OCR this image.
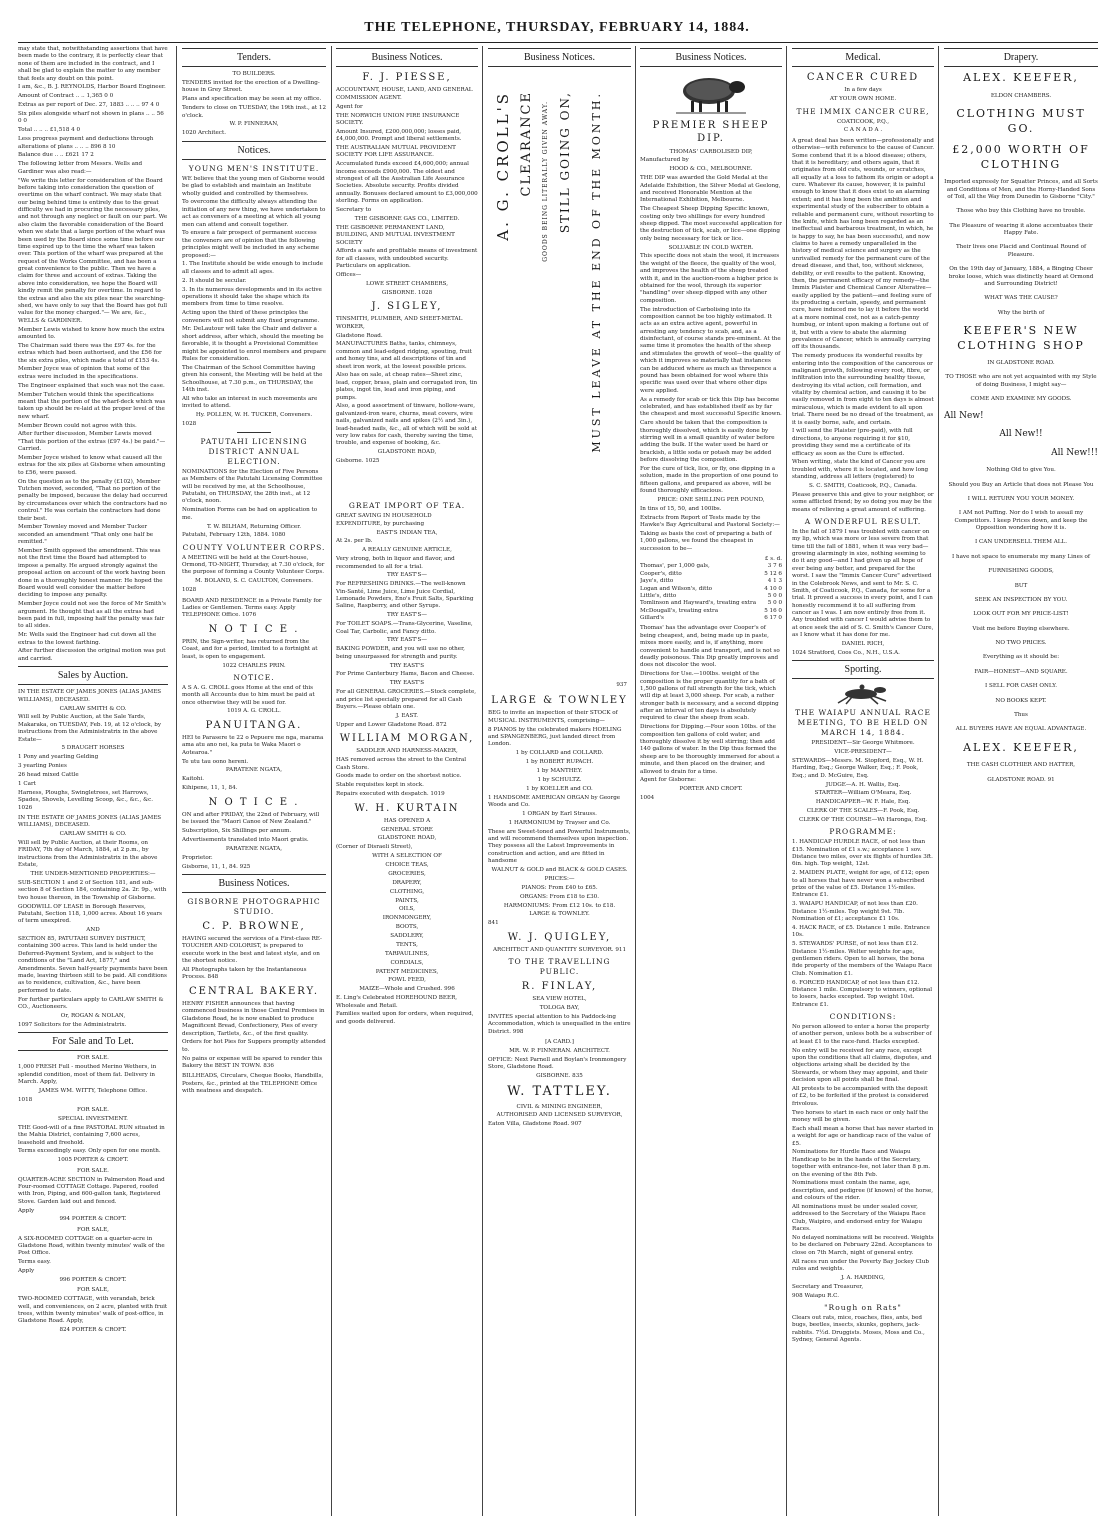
THE TELEPHONE, THURSDAY, FEBRUARY 14, 1884.

may state that, notwithstanding assertions that have been made to the contrary, it is perfectly clear that none of them are included in the contract, and I shall be glad to explain the matter to any member that feels any doubt on this point.

I am, &c., B. J. REYNOLDS, Harbor Board Engineer.

Amount of Contract .. .. 1,365 0 0

Extras as per report of Dec. 27, 1883 .. .. .. 97 4 0

Six piles alongside wharf not shown in plans .. .. 56 0 0

Total .. .. .. £1,518 4 0

Less progress payment and deductions through alterations of plans .. .. .. 896 8 10

Balance due .. .. £621 17 2

The following letter from Messrs. Wells and Gardiner was also read:—

"We write this letter for consideration of the Board before taking into consideration the question of overtime on the wharf contract. We may state that our being behind time is entirely due to the great difficulty we had in procuring the necessary piles, and not through any neglect or fault on our part. We also claim the favorable consideration of the Board when we state that a large portion of the wharf was been used by the Board since some time before our time expired up to the time the wharf was taken over. This portion of the wharf was prepared at the request of the Works Committee, and has been a great convenience to the public. Then we have a claim for three and account of extras. Taking the above into consideration, we hope the Board will kindly remit the penalty for overtime. In regard to the extras and also the six piles near the searching-shed, we have only to say that the Board has got full value for the money charged."— We are, &c., WELLS & GARDINER.

Member Lewis wished to know how much the extra amounted to.

The Chairman said there was the £97 4s. for the extras which had been authorised, and the £56 for the six extra piles, which made a total of £153 4s.

Member Joyce was of opinion that some of the extras were included in the specifications.

The Engineer explained that such was not the case.

Member Tutchen would think the specifications meant that the portion of the wharf-deck which was taken up should be re-laid at the proper level of the new wharf.

Member Brown could not agree with this.

After further discussion, Member Lewis moved "That this portion of the extras (£97 4s.) be paid."—Carried.

Member Joyce wished to know what caused all the extras for the six piles at Gisborne when amounting to £56, were passed.

On the question as to the penalty (£102), Member Tutchen moved, seconded, "That no portion of the penalty be imposed, because the delay had occurred by circumstances over which the contractors had no control." He was certain the contractors had done their best.

Member Townley moved and Member Tucker seconded an amendment "That only one half be remitted."

Member Smith opposed the amendment. This was not the first time the Board had attempted to impose a penalty. He argued strongly against the proposal action on account of the work having been done in a thoroughly honest manner. He hoped the Board would well consider the matter before deciding to impose any penalty.

Member Joyce could not see the force of Mr Smith's argument. He thought that as all the extras had been paid in full, imposing half the penalty was fair to all sides.

Mr. Wells said the Engineer had cut down all the extras to the lowest farthing.

After further discussion the original motion was put and carried.

Sales by Auction.

IN THE ESTATE OF JAMES JONES (ALIAS JAMES WILLIAMS), DECEASED.

CARLAW SMITH & CO.

Will sell by Public Auction, at the Sale Yards, Makaraka, on TUESDAY, Feb. 19, at 12 o'clock, by instructions from the Administratrix in the above Estate—

5 DRAUGHT HORSES

1 Pony and yearling Gelding

3 yearling Ponies

26 head mixed Cattle

1 Cart

Harness, Ploughs, Swingletrees, set Harrows, Spades, Shovels, Levelling Scoop, &c., &c., &c. 1026

IN THE ESTATE OF JAMES JONES (ALIAS JAMES WILLIAMS), DECEASED.

CARLAW SMITH & CO.

Will sell by Public Auction, at their Rooms, on FRIDAY, 7th day of March, 1884, at 2 p.m., by instructions from the Administratrix in the above Estate,

THE UNDER-MENTIONED PROPERTIES:—

SUB-SECTION 1 and 2 of Section 181, and sub-section 8 of Section 184, containing 2a. 2r. 9p., with two house thereon, in the Township of Gisborne.

GOODWILL OF LEASE in Borough Reserves, Patutahi, Section 118, 1,000 acres. About 16 years of term unexpired.

AND

SECTION 85, PATUTAHI SURVEY DISTRICT, containing 300 acres. This land is held under the Deferred-Payment System, and is subject to the conditions of the "Land Act, 1877," and Amendments. Seven half-yearly payments have been made, leaving thirteen still to be paid. All conditions as to residence, cultivation, &c., have been performed to date.

For further particulars apply to CARLAW SMITH & CO., Auctioneers.

Or, ROGAN & NOLAN,

1097 Solicitors for the Administratrix.

For Sale and To Let.

FOR SALE.

1,000 FRESH Full - mouthed Merino Wethers, in splendid condition, most of them fat. Delivery in March. Apply,

JAMES WM. WITTY, Telephone Office.

1018

FOR SALE.

SPECIAL INVESTMENT.

THE Good-will of a fine PASTORAL RUN situated in the Mahia District, containing 7,600 acres, leasehold and freehold.

Terms exceedingly easy. Only open for one month.

1005 PORTER & CROFT.

FOR SALE.

QUARTER-ACRE SECTION in Palmerston Road and Four-roomed COTTAGE Cottage. Papered, roofed with Iron, Piping, and 600-gallon tank, Registered Stove. Garden laid out and fenced.

Apply

994 PORTER & CROFT.

FOR SALE,

A SIX-ROOMED COTTAGE on a quarter-acre in Gladstone Road, within twenty minutes' walk of the Post Office.

Terms easy.

Apply

996 PORTER & CROFT.

FOR SALE,

TWO-ROOMED COTTAGE, with verandah, brick well, and conveniences, on 2 acre, planted with fruit trees, within twenty minutes' walk of post-office, in Gladstone Road. Apply,

824 PORTER & CROFT.

Tenders.

TO BUILDERS.

TENDERS invited for the erection of a Dwelling-house in Grey Street.

Plans and specification may be seen at my office.

Tenders to close on TUESDAY, the 19th inst., at 12 o'clock.

W. P. FINNERAN,

1020 Architect.

Notices.
YOUNG MEN'S INSTITUTE.

WE believe that the young men of Gisborne would be glad to establish and maintain an Institute wholly guided and controlled by themselves.

To overcome the difficulty always attending the initiation of any new thing, we have undertaken to act as conveners of a meeting at which all young men can attend and consult together.

To ensure a fair prospect of permanent success the conveners are of opinion that the following principles might well be included in any scheme proposed:—

1. The Institute should be wide enough to include all classes and to admit all ages.

2. It should be secular.

3. In its numerous developments and in its active operations it should take the shape which its members from time to time resolve.

Acting upon the third of these principles the conveners will not submit any fixed programme.

Mr. DeLautour will take the Chair and deliver a short address, after which, should the meeting be favorable, it is thought a Provisional Committee might be appointed to enrol members and prepare Rules for consideration.

The Chairman of the School Committee having given his consent, the Meeting will be held at the Schoolhouse, at 7.30 p.m., on THURSDAY, the 14th inst.

All who take an interest in such movements are invited to attend.

Hy. POLLEN, W. H. TUCKER, Conveners.

1028

PATUTAHI LICENSING DISTRICT ANNUAL ELECTION.

NOMINATIONS for the Election of Five Persons as Members of the Patutahi Licensing Committee will be received by me, at the Schoolhouse, Patutahi, on THURSDAY, the 28th inst., at 12 o'clock, noon.

Nomination Forms can be had on application to me.

T. W. BILHAM, Returning Officer.

Patutahi, February 12th, 1884. 1080

COUNTY VOLUNTEER CORPS.

A MEETING will be held at the Court-house, Ormond, TO-NIGHT, Thursday, at 7.30 o'clock, for the purpose of forming a County Volunteer Corps.

M. BOLAND, S. C. CAULTON, Conveners.

1028

BOARD AND RESIDENCE in a Private Family for Ladies or Gentlemen. Terms easy. Apply TELEPHONE Office. 1076

N O T I C E .

PRIN, the Sign-writer, has returned from the Coast, and for a period, limited to a fortnight at least, is open to engagement.

1022 CHARLES PRIN.

NOTICE.

A S A. G. CROLL goes Home at the end of this month all Accounts due to him must be paid at once otherwise they will be sued for.

1019 A. G. CROLL.

PANUITANGA.

HEI te Parasere te 22 o Pepuere me nga, marama ama atu ano nei, ka puta te Waka Maori o Aotearoa."

Te utu tau oono hereni.

PARATENE NGATA,

Kaitohi.

Kihipene, 11, 1, 84.

N O T I C E .

ON and after FRIDAY, the 22nd of February, will be issued the "Maori Canoe of New Zealand."

Subscription, Six Shillings per annum.

Advertisements translated into Maori gratis.

PARATENE NGATA,

Proprietor.

Gisborne, 11, 1, 84. 925

Business Notices.
GISBORNE PHOTOGRAPHIC STUDIO.
C. P. BROWNE,

HAVING secured the services of a First-class RE-TOUCHER AND COLORIST, is prepared to execute work in the best and latest style, and on the shortest notice.

All Photographs taken by the Instantaneous Process. 848

CENTRAL BAKERY.

HENRY FISHER announces that having commenced business in those Central Premises in Gladstone Road, he is now enabled to produce Magnificent Bread, Confectionery, Pies of every description, Tartlets, &c., of the first quality.

Orders for hot Pies for Suppers promptly attended to.

No pains or expense will be spared to render this Bakery the BEST IN TOWN. 836

BILLHEADS, Circulars, Cheque Books, Handbills, Posters, &c., printed at the TELEPHONE Office with neatness and despatch.

Business Notices.
F. J. PIESSE,

ACCOUNTANT, HOUSE, LAND, AND GENERAL COMMISSION AGENT.

Agent for

THE NORWICH UNION FIRE INSURANCE SOCIETY.

Amount Insured, £200,000,000; losses paid, £4,000,000. Prompt and liberal settlements.

THE AUSTRALIAN MUTUAL PROVIDENT SOCIETY FOR LIFE ASSURANCE.

Accumulated funds exceed £4,600,000; annual income exceeds £900,000. The oldest and strongest of all the Australian Life Assurance Societies. Absolute security. Profits divided annually. Bonuses declared amount to £3,000,000 sterling. Forms on application.

Secretary to

THE GISBORNE GAS CO., LIMITED.

THE GISBORNE PERMANENT LAND, BUILDING, AND MUTUAL INVESTMENT SOCIETY

Affords a safe and profitable means of investment for all classes, with undoubted security. Particulars on application.

Offices—

LOWE STREET CHAMBERS,

GISBORNE. 1028

J. SIGLEY,

TINSMITH, PLUMBER, AND SHEET-METAL WORKER,

Gladstone Road.

MANUFACTURES Baths, tanks, chimneys, common and lead-edged ridging, spouting, fruit and honey tins, and all descriptions of tin and sheet iron work, at the lowest possible prices.

Also has on sale, at cheap rates—Sheet zinc, lead, copper, brass, plain and corrugated iron, tin plates, ingot tin, lead and iron piping, and pumps.

Also, a good assortment of tinware, hollow-ware, galvanized-iron ware, churns, meat covers, wire nails, galvanized nails and spikes (2½ and 3in.), lead-headed nails, &c., all of which will be sold at very low rates for cash, thereby saving the time, trouble, and expense of booking, &c.

GLADSTONE ROAD,

Gisborne. 1025

GREAT IMPORT OF TEA.

GREAT SAVING IN HOUSEHOLD EXPENDITURE, by purchasing

EAST'S INDIAN TEA,

At 2s. per lb.

A REALLY GENUINE ARTICLE,

Very strong, both in liquor and flavor, and recommended to all for a trial.

TRY EAST'S—

For REFRESHING DRINKS.—The well-known Vin-Santé, Lime Juice, Lime Juice Cordial, Lemonade Powders, Eno's Fruit Salts, Sparkling Saline, Raspberry, and other Syrups.

TRY EAST'S—

For TOILET SOAPS.—Trans-Glycerine, Vaseline, Coal Tar, Carbolic, and Fancy ditto.

TRY EAST'S—

BAKING POWDER, and you will use no other, being unsurpassed for strength and purity.

TRY EAST'S

For Prime Canterbury Hams, Bacon and Cheese.

TRY EAST'S

For all GENERAL GROCERIES.—Stock complete, and price list specially prepared for all Cash Buyers.—Please obtain one.

J. EAST.

Upper and Lower Gladstone Road. 872

WILLIAM MORGAN,

SADDLER AND HARNESS-MAKER,

HAS removed across the street to the Central Cash Store.

Goods made to order on the shortest notice.

Stable requisites kept in stock.

Repairs executed with despatch. 1019

W. H. KURTAIN

HAS OPENED A

GENERAL STORE

GLADSTONE ROAD,

(Corner of Disraeli Street),

WITH A SELECTION OF

CHOICE TEAS,

GROCERIES,

DRAPERY,

CLOTHING,

PAINTS,

OILS,

IRONMONGERY,

BOOTS,

SADDLERY,

TENTS,

TARPAULINES,

CORDIALS,

PATENT MEDICINES,

FOWL FEED,

MAIZE—Whole and Crushed. 996

E. Ling's Celebrated HOREHOUND BEER, Wholesale and Retail.

Families waited upon for orders, when required, and goods delivered.

Business Notices.
A. G. CROLL'S CLEARANCE GOODS BEING LITERALLY GIVEN AWAY. STILL GOING ON, MUST LEAVE AT THE END OF THE MONTH.
937
LARGE & TOWNLEY

BEG to invite an inspection of their STOCK of MUSICAL INSTRUMENTS, comprising—

8 PIANOS by the celebrated makers HOELING and SPANGENBERG, just landed direct from London.

1 by COLLARD and COLLARD.

1 by ROBERT RUPACH.

1 by MANTHEY.

1 by SCHULTZ.

1 by KOELLER and CO.

1 HANDSOME AMERICAN ORGAN by George Woods and Co.

1 ORGAN by Earl Strauss.

1 HARMONIUM by Trayser and Co.

These are Sweet-toned and Powerful Instruments, and will recommend themselves upon inspection. They possess all the Latest Improvements in construction and action, and are fitted in handsome

WALNUT & GOLD and BLACK & GOLD CASES.

PRICES:—

PIANOS: From £40 to £65.

ORGANS: From £18 to £30.

HARMONIUMS: From £12 10s. to £18.

LARGE & TOWNLEY.

841

W. J. QUIGLEY,

ARCHITECT AND QUANTITY SURVEYOR. 911

TO THE TRAVELLING PUBLIC.
R. FINLAY,

SEA VIEW HOTEL,

TOLOGA BAY,

INVITES special attention to his Paddock-ing Accommodation, which is unequalled in the entire District. 998

[A CARD.]

MR. W. P. FINNERAN. ARCHITECT.

OFFICE: Next Parnell and Boylan's Ironmongery Store, Gladstone Road.

GISBORNE. 835

W. TATTLEY.

CIVIL & MINING ENGINEER,

AUTHORISED AND LICENSED SURVEYOR,

Eaton Villa, Gladstone Road. 907

Business Notices.
PREMIER SHEEP DIP.

THOMAS' CARBOLISED DIP,

Manufactured by

HOOD & CO., MELBOURNE.

THE DIP was awarded the Gold Medal at the Adelaide Exhibition, the Silver Medal at Geelong, and received Honorable Mention at the International Exhibition, Melbourne.

The Cheapest Sheep Dipping Specific known, costing only two shillings for every hundred sheep dipped. The most successful application for the destruction of tick, scab, or lice—one dipping only being necessary for tick or lice.

SOLUABLE IN COLD WATER.

This specific does not stain the wool, it increases the weight of the fleece, the quality of the wool, and improves the health of the sheep treated with it, and in the auction-room a higher price is obtained for the wool, through its superior "handling" over sheep dipped with any other composition.

The introduction of Carbolising into its composition cannot be too highly estimated. It acts as an extra active agent, powerful in arresting any tendency to scab, and, as a disinfectant, of course stands pre-eminent. At the same time it promotes the health of the sheep and stimulates the growth of wool—the quality of which it improves so materially that instances can be adduced where as much as threepence a pound has been obtained for wool where this specific was used over that where other dips were applied.

As a remedy for scab or tick this Dip has become celebrated, and has established itself as by far the cheapest and most successful Specific known.

Care should be taken that the composition is thoroughly dissolved, which is easily done by stirring well in a small quantity of water before adding the bulk. If the water used be hard or brackish, a little soda or potash may be added before dissolving the composition.

For the cure of tick, lice, or fly, one dipping in a solution, made in the proportion of one pound to fifteen gallons, and prepared as above, will be found thoroughly efficacious.

PRICE: ONE SHILLING PER POUND,

In tins of 15, 50, and 100lbs.

Extracts from Report of Tests made by the Hawke's Bay Agricultural and Pastoral Society:—

Taking as basis the cost of preparing a bath of 1,000 gallons, we found the cheapest in succession to be—

£ s. d.
Thomas', per 1,000 gals,	3 7 6
Cooper's, ditto	5 12 6
Jaye's, ditto	4 1 3
Logan and Wilson's, ditto	4 10 0
Little's, ditto	5 0 0
Tomlinson and Hayward's, treating extra 5 0 0
McDougall's, treating extra	5 16 0
Gillard's	6 17 0

Thomas' has the advantage over Cooper's of being cheapest, and, being made up in paste, mixes more easily, and is, if anything, more convenient to handle and transport, and is not so deadly poisonous. This Dip greatly improves and does not discolor the wool.

Directions for Use.—100lbs. weight of the composition is the proper quantity for a bath of 1,500 gallons of full strength for the tick, which will dip at least 3,000 sheep. For scab, a rather stronger bath is necessary, and a second dipping after an interval of ten days is absolutely required to clear the sheep from scab.

Directions for Dipping.—Four soon 10lbs. of the composition ten gallons of cold water, and thoroughly dissolve it by well stirring; then add 140 gallons of water. In the Dip thus formed the sheep are to be thoroughly immersed for about a minute, and then placed on the drainer, and allowed to drain for a time.

Agent for Gisborne:

PORTER AND CROFT.

1004

Medical.
CANCER CURED

In a few days

AT YOUR OWN HOME.

THE IMMIX CANCER CURE,

COATICOOK, P.Q.,

C A N A D A .

A great deal has been written—professionally and otherwise—with reference to the cause of Cancer. Some contend that it is a blood disease; others, that it is hereditary; and others again, that it originates from old cuts, wounds, or scratches, all equally at a loss to fathom its origin or adopt a cure. Whatever its cause, however, it is painful enough to know that it does exist to an alarming extent; and it has long been the ambition and experimental study of the subscriber to obtain a reliable and permanent cure, without resorting to the knife, which has long been regarded as an ineffectual and barbarous treatment, in which, he is happy to say, he has been successful, and now claims to have a remedy unparalleled in the history of medical science and surgery as the unrivalled remedy for the permanent cure of the dread disease, and that, too, without sickness, debility, or evil results to the patient. Knowing, then, the permanent efficacy of my remedy—the Immix Plaister and Chemical Cancer Alterative—easily applied by the patient—and feeling sure of its producing a certain, speedy, and permanent cure, have induced me to lay it before the world at a more nominal cost, not as a catch-penny humbug, or intent upon making a fortune out of it, but with a view to abate the alarming prevalence of Cancer, which is annually carrying off its thousands.

The remedy produces its wonderful results by entering into the composition of the cancerous or malignant growth, following every root, fibre, or infiltration into the surrounding healthy tissue, destroying its vital action, cell formation, and vitality by chemical action, and causing it to be easily removed in from eight to ten days is almost miraculous, which is made evident to all upon trial. There need be no dread of the treatment, as it is easily borne, safe, and certain.

I will send the Plaister (pre-paid), with full directions, to anyone requiring it for $10, providing they send me a certificate of its efficacy as soon as the Cure is effected.

When writing, state the kind of Cancer you are troubled with, where it is located, and how long standing, address all letters (registered) to

S. C. SMITH, Coaticook, P.Q., Canada.

Please preserve this and give to your neighbor, or some afflicted friend; by so doing you may be the means of relieving a great amount of suffering.

A WONDERFUL RESULT.

In the fall of 1879 I was troubled with cancer on my lip, which was more or less severe from that time till the fall of 1881, when it was very bad—growing alarmingly in size, nothing seeming to do it any good—and I had given up all hope of ever being any better, and prepared for the worst. I saw the "Immix Cancer Cure" advertised in the Colebrook News, and sent to Mr. S. C. Smith, of Coaticook, P.Q., Canada, for some for a trial. It proved a success in every point, and I can honestly recommend it to all suffering from cancer as I was. I am now entirely free from it. Any troubled with cancer I would advise them to at once seek the aid of S. C. Smith's Cancer Cure, as I know what it has done for me.

DANIEL RICH,

1024 Stratford, Coos Co., N.H., U.S.A.

Sporting.
THE WAIAPU ANNUAL RACE MEETING, TO BE HELD ON MARCH 14, 1884.

PRESIDENT—Sir George Whitmore.

VICE-PRESIDENT—

STEWARDS—Messrs. M. Stopford, Esq., W. H. Harding, Esq.; George Walker, Esq.; F. Pook, Esq.; and D. McGuire, Esq.

JUDGE—A. H. Wallis, Esq.

STARTER—William O'Meara, Esq.

HANDICAPPER—W. F. Hale, Esq.

CLERK OF THE SCALES—F. Pook, Esq.

CLERK OF THE COURSE—Wi Haronga, Esq.

PROGRAMME:

1. HANDICAP HURDLE RACE, of not less than £15. Nomination of £1 s.w.; acceptance 1 sov. Distance two miles, over six flights of hurdles 3ft. 6in. high. Top weight, 12st.

2. MAIDEN PLATE, weight for age, of £12; open to all horses that have never won a subscribed prize of the value of £5. Distance 1½-miles. Entrance £1.

3. WAIAPU HANDICAP, of not less than £20. Distance 1½-miles. Top weight 9st. 7lb. Nomination of £1; acceptance £1 10s.

4. HACK RACE, of £5. Distance 1 mile. Entrance 10s.

5. STEWARDS' PURSE, of not less than £12. Distance 1½-miles. Welter weights for age, gentlemen riders. Open to all horses, the bona fide property of the members of the Waiapu Race Club. Nomination £1.

6. FORCED HANDICAP, of not less than £12. Distance 1 mile. Compulsory to winners, optional to losers, hacks excepted. Top weight 10st. Entrance £1.

CONDITIONS:

No person allowed to enter a horse the property of another person, unless both be a subscriber of at least £1 to the race-fund. Hacks excepted.

No entry will be received for any race, except upon the conditions that all claims, disputes, and objections arising shall be decided by the Stewards, or whom they may appoint, and their decision upon all points shall be final.

All protests to be accompanied with the deposit of £2, to be forfeited if the protest is considered frivolous.

Two horses to start in each race or only half the money will be given.

Each shall mean a horse that has never started in a weight for age or handicap race of the value of £5.

Nominations for Hurdle Race and Waiapu Handicap to be in the hands of the Secretary, together with entrance-fee, not later than 8 p.m. on the evening of the 8th Feb.

Nominations must contain the name, age, description, and pedigree (if known) of the horse, and colours of the rider.

All nominations must be under sealed cover, addressed to the Secretary of the Waiapu Race Club, Waipiro, and endorsed entry for Waiapu Races.

No delayed nominations will be received. Weights to be declared on February 22nd. Acceptances to close on 7th March, night of general entry.

All races run under the Poverty Bay Jockey Club rules and weights.

J. A. HARDING,

Secretary and Treasurer,

908 Waiapu R.C.

"Rough on Rats"

Clears out rats, mice, roaches, flies, ants, bed bugs, beetles, insects, skunks, gophers, jack-rabbits. 7½d. Druggists. Moses, Moss and Co., Sydney, General Agents.

Drapery.

ALEX. KEEFER,

ELDON CHAMBERS.

CLOTHING MUST GO.

£2,000 WORTH OF CLOTHING

Imported expressly for Squatter Princes, and all Sorts and Conditions of Men, and the Horny-Handed Sons of Toil, all the Way from Dunedin to Gisborne "City."

Those who buy this Clothing have no trouble.

The Pleasure of wearing it alone accentuates their Happy Fate.

Their lives one Placid and Continual Round of Pleasure.

On the 19th day of January, 1884, a Binging Cheer broke loose, which was distinctly heard at Ormond and Surrounding District!

WHAT WAS THE CAUSE?

Why the birth of

KEEFER'S NEW CLOTHING SHOP

IN GLADSTONE ROAD.

TO THOSE who are not yet acquainted with my Style of doing Business, I might say—

COME AND EXAMINE MY GOODS.

All New!

All New!!

All New!!!

Nothing Old to give You.

Should you Buy an Article that does not Please You

I WILL RETURN YOU YOUR MONEY.

I AM not Puffing. Nor do I wish to assail my Competitors. I keep Prices down, and keep the Opposition wondering how it is.

I CAN UNDERSELL THEM ALL.

I have not space to enumerate my many Lines of

FURNISHING GOODS,

BUT

SEEK AN INSPECTION BY YOU.

LOOK OUT FOR MY PRICE-LIST!

Visit me before Buying elsewhere.

NO TWO PRICES.

Everything as it should be:

FAIR—HONEST—AND SQUARE.

I SELL FOR CASH ONLY.

NO BOOKS KEPT.

Thus

ALL BUYERS HAVE AN EQUAL ADVANTAGE.

ALEX. KEEFER,

THE CASH CLOTHIER AND HATTER,

GLADSTONE ROAD. 91
